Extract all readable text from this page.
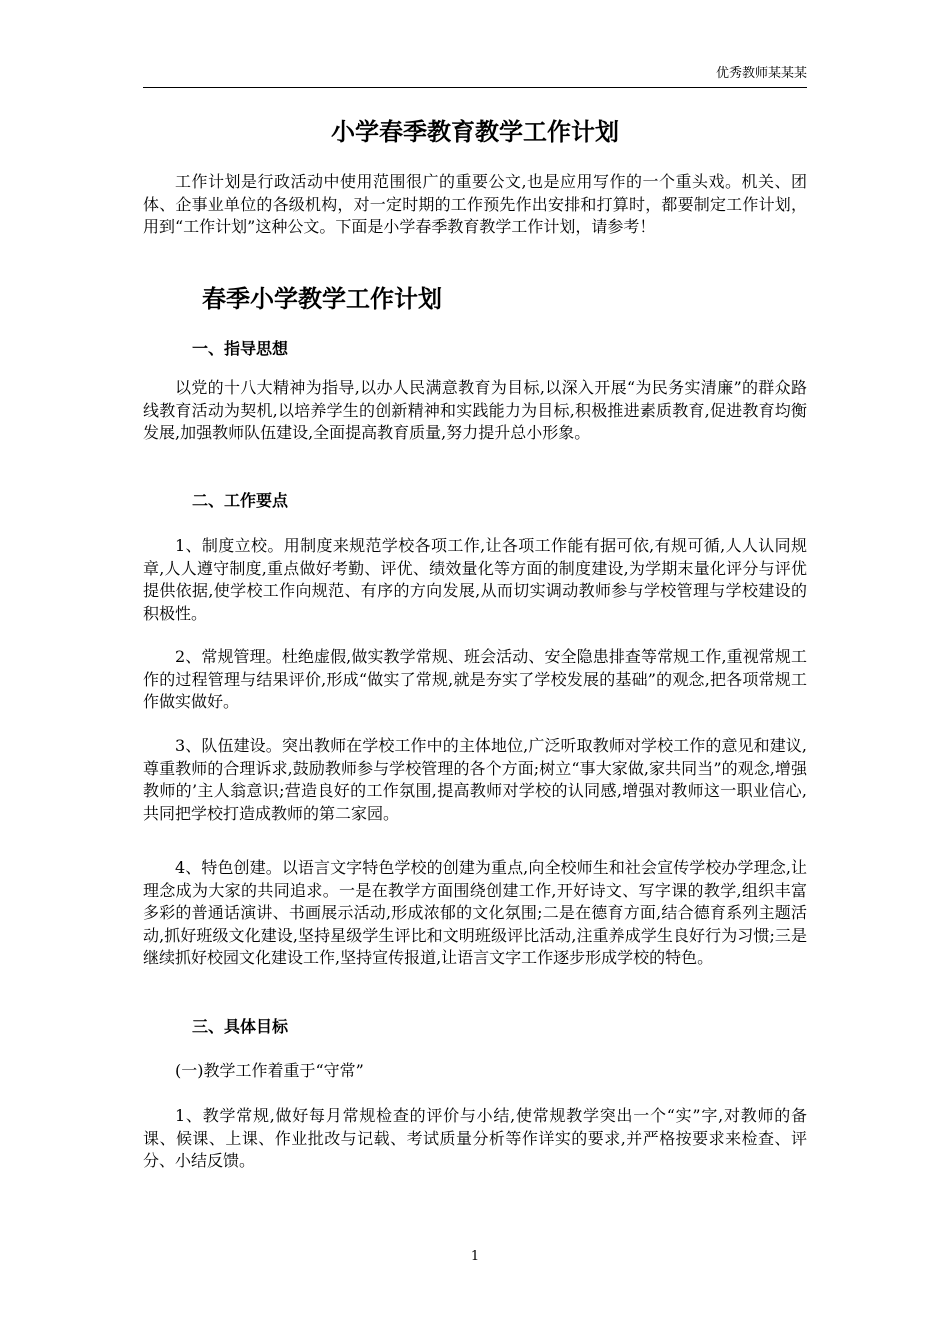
优秀教师某某某
小学春季教育教学工作计划

工作计划是行政活动中使用范围很广的重要公文,也是应用写作的一个重头戏。机关、团体、企事业单位的各级机构，对一定时期的工作预先作出安排和打算时，都要制定工作计划，用到“工作计划”这种公文。下面是小学春季教育教学工作计划，请参考！

春季小学教学工作计划
一、指导思想

以党的十八大精神为指导,以办人民满意教育为目标,以深入开展“为民务实清廉”的群众路线教育活动为契机,以培养学生的创新精神和实践能力为目标,积极推进素质教育,促进教育均衡发展,加强教师队伍建设,全面提高教育质量,努力提升总小形象。

二、工作要点

1、制度立校。用制度来规范学校各项工作,让各项工作能有据可依,有规可循,人人认同规章,人人遵守制度,重点做好考勤、评优、绩效量化等方面的制度建设,为学期末量化评分与评优提供依据,使学校工作向规范、有序的方向发展,从而切实调动教师参与学校管理与学校建设的积极性。

2、常规管理。杜绝虚假,做实教学常规、班会活动、安全隐患排查等常规工作,重视常规工作的过程管理与结果评价,形成“做实了常规,就是夯实了学校发展的基础”的观念,把各项常规工作做实做好。

3、队伍建设。突出教师在学校工作中的主体地位,广泛听取教师对学校工作的意见和建议,尊重教师的合理诉求,鼓励教师参与学校管理的各个方面;树立“事大家做,家共同当”的观念,增强教师的’主人翁意识;营造良好的工作氛围,提高教师对学校的认同感,增强对教师这一职业信心,共同把学校打造成教师的第二家园。

4、特色创建。以语言文字特色学校的创建为重点,向全校师生和社会宣传学校办学理念,让理念成为大家的共同追求。一是在教学方面围绕创建工作,开好诗文、写字课的教学,组织丰富多彩的普通话演讲、书画展示活动,形成浓郁的文化氛围;二是在德育方面,结合德育系列主题活动,抓好班级文化建设,坚持星级学生评比和文明班级评比活动,注重养成学生良好行为习惯;三是继续抓好校园文化建设工作,坚持宣传报道,让语言文字工作逐步形成学校的特色。

三、具体目标

(一)教学工作着重于“守常”

1、教学常规,做好每月常规检查的评价与小结,使常规教学突出一个“实”字,对教师的备课、候课、上课、作业批改与记载、考试质量分析等作详实的要求,并严格按要求来检查、评分、小结反馈。

1
